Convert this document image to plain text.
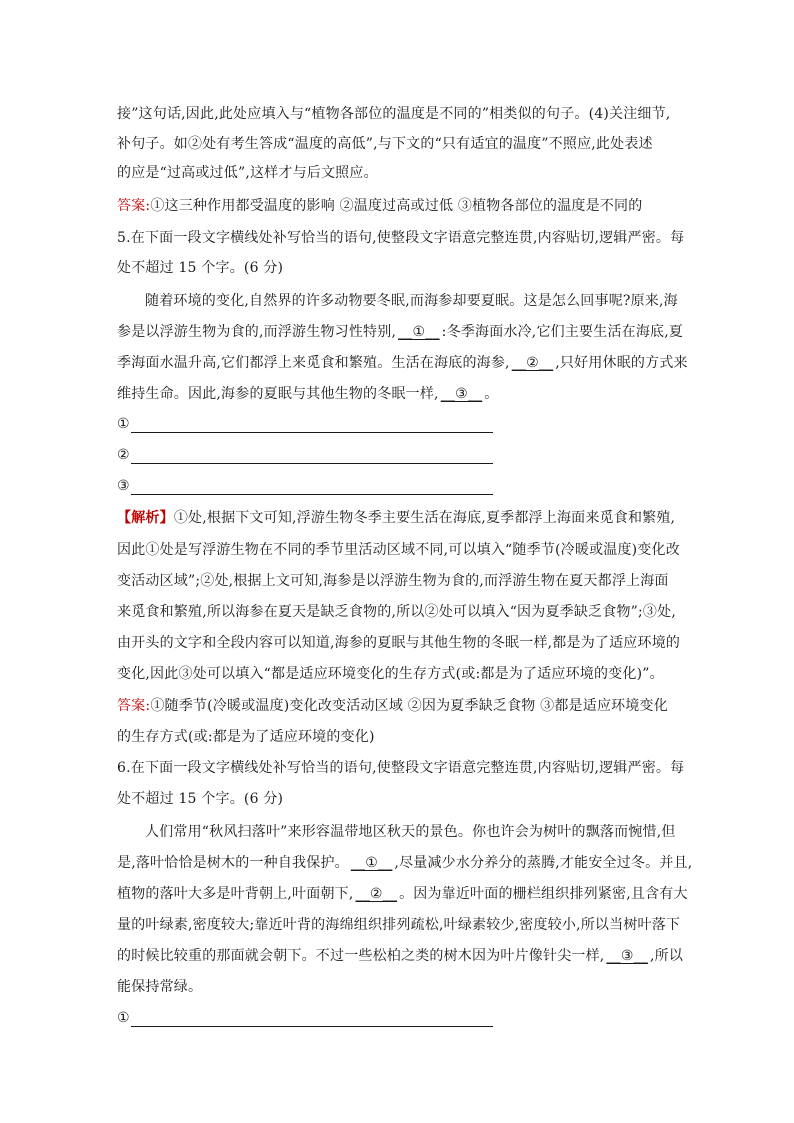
接”这句话,因此,此处应填入与“植物各部位的温度是不同的”相类似的句子。(4)关注细节,
补句子。如②处有考生答成“温度的高低”,与下文的“只有适宜的温度”不照应,此处表述
的应是“过高或过低”,这样才与后文照应。
答案:①这三种作用都受温度的影响 ②温度过高或过低 ③植物各部位的温度是不同的
5.在下面一段文字横线处补写恰当的语句,使整段文字语意完整连贯,内容贴切,逻辑严密。每
处不超过 15 个字。(6 分)
随着环境的变化,自然界的许多动物要冬眠,而海参却要夏眠。这是怎么回事呢?原来,海
参是以浮游生物为食的,而浮游生物习性特别, __①__ :冬季海面水冷,它们主要生活在海底,夏
季海面水温升高,它们都浮上来觅食和繁殖。生活在海底的海参, __②__ ,只好用休眠的方式来
维持生命。因此,海参的夏眠与其他生物的冬眠一样, __③__ 。
①
②
③
【解析】①处,根据下文可知,浮游生物冬季主要生活在海底,夏季都浮上海面来觅食和繁殖,
因此①处是写浮游生物在不同的季节里活动区域不同,可以填入“随季节(冷暖或温度)变化改
变活动区域”;②处,根据上文可知,海参是以浮游生物为食的,而浮游生物在夏天都浮上海面
来觅食和繁殖,所以海参在夏天是缺乏食物的,所以②处可以填入“因为夏季缺乏食物”;③处,
由开头的文字和全段内容可以知道,海参的夏眠与其他生物的冬眠一样,都是为了适应环境的
变化,因此③处可以填入“都是适应环境变化的生存方式(或:都是为了适应环境的变化)”。
答案:①随季节(冷暖或温度)变化改变活动区域 ②因为夏季缺乏食物 ③都是适应环境变化
的生存方式(或:都是为了适应环境的变化)
6.在下面一段文字横线处补写恰当的语句,使整段文字语意完整连贯,内容贴切,逻辑严密。每
处不超过 15 个字。(6 分)
人们常用“秋风扫落叶”来形容温带地区秋天的景色。你也许会为树叶的飘落而惋惜,但
是,落叶恰恰是树木的一种自我保护。 __①__ ,尽量减少水分养分的蒸腾,才能安全过冬。并且,
植物的落叶大多是叶背朝上,叶面朝下, __②__ 。因为靠近叶面的栅栏组织排列紧密,且含有大
量的叶绿素,密度较大;靠近叶背的海绵组织排列疏松,叶绿素较少,密度较小,所以当树叶落下
的时候比较重的那面就会朝下。不过一些松柏之类的树木因为叶片像针尖一样, __③__ ,所以
能保持常绿。
①
